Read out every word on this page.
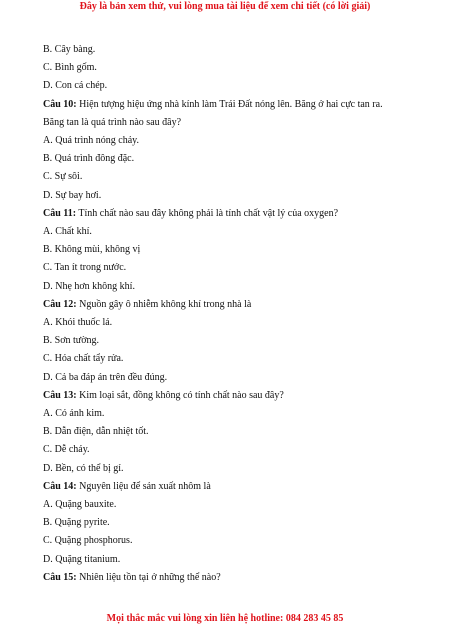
Đây là bản xem thử, vui lòng mua tài liệu để xem chi tiết (có lời giải)
B. Cây bàng.
C. Bình gốm.
D. Con cá chép.
Câu 10: Hiện tượng hiệu ứng nhà kính làm Trái Đất nóng lên. Băng ở hai cực tan ra.
Băng tan là quá trình nào sau đây?
A. Quá trình nóng chảy.
B. Quá trình đông đặc.
C. Sự sôi.
D. Sự bay hơi.
Câu 11: Tính chất nào sau đây không phải là tính chất vật lý của oxygen?
A. Chất khí.
B. Không mùi, không vị
C. Tan ít trong nước.
D. Nhẹ hơn không khí.
Câu 12: Nguồn gây ô nhiễm không khí trong nhà là
A. Khói thuốc lá.
B. Sơn tường.
C. Hóa chất tẩy rửa.
D. Cả ba đáp án trên đều đúng.
Câu 13: Kim loại sắt, đồng không có tính chất nào sau đây?
A. Có ánh kim.
B. Dẫn điện, dẫn nhiệt tốt.
C. Dễ cháy.
D. Bền, có thể bị gỉ.
Câu 14: Nguyên liệu để sản xuất nhôm là
A. Quặng bauxite.
B. Quặng pyrite.
C. Quặng phosphorus.
D. Quặng titanium.
Câu 15: Nhiên liệu tồn tại ở những thể nào?
Mọi thắc mắc vui lòng xin liên hệ hotline: 084 283 45 85
